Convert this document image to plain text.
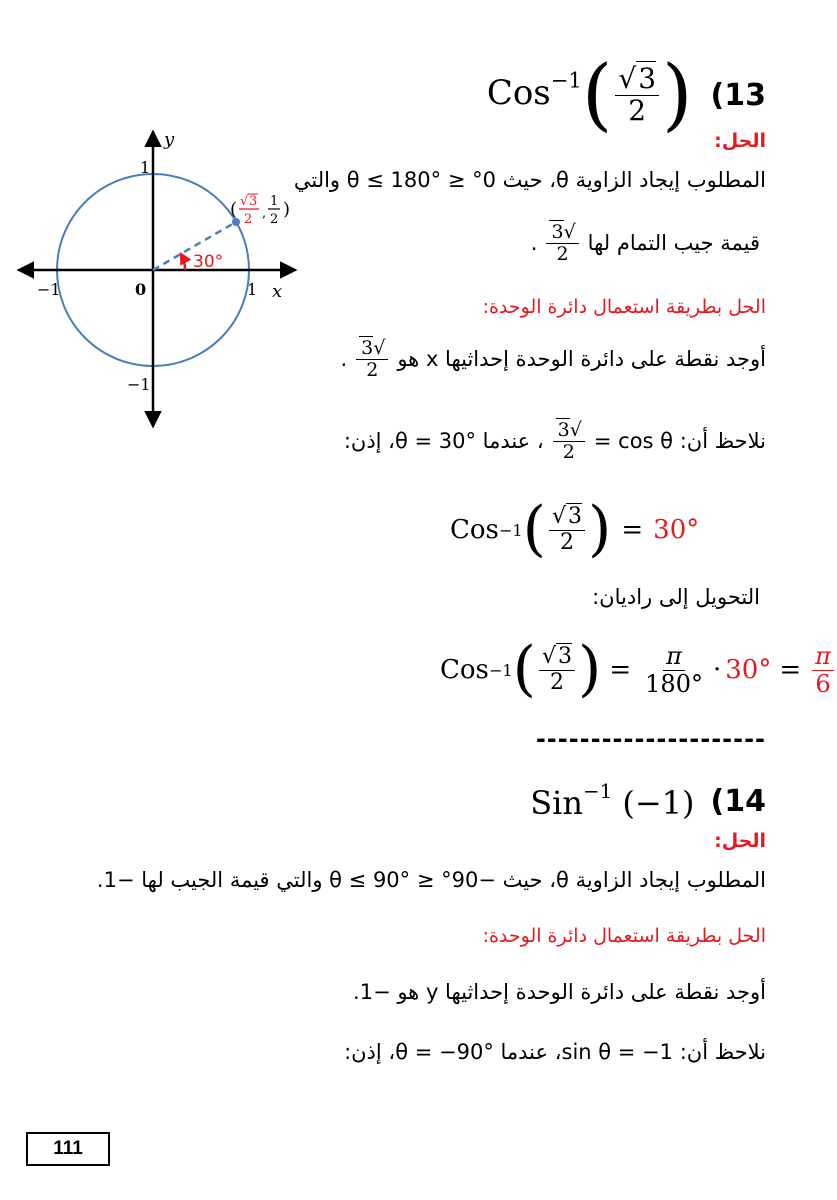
$Cos^{-1}( \frac{√3}{2}$ ) (13
الحل:
المطلوب إيجاد الزاوية θ، حيث 0° ≤ θ ≤ 180° والتي
قيمة جيب التمام لها
$\frac{√3}{2}$
.
الحل بطريقة استعمال دائرة الوحدة:
أوجد نقطة على دائرة الوحدة إحداثيها x هو
$\frac{√3}{2}$
.
نلاحظ أن: cos θ =
$\frac{√3}{2}$
، عندما θ = 30°، إذن:
Cos −1 ( $\frac{√3}{2}$ ) = 30°
التحويل إلى راديان:
Cos −1 ( $\frac{√3}{2}$ ) = $\frac{\pi}{180^\circ} \cdot 30^\circ = \frac{\pi}{6}$
---------------------
Sin$^{-1}$ (−1) (14
الحل:
المطلوب إيجاد الزاوية θ، حيث −90° ≤ θ ≤ 90° والتي قيمة الجيب لها −1.
الحل بطريقة استعمال دائرة الوحدة:
أوجد نقطة على دائرة الوحدة إحداثيها y هو −1.
نلاحظ أن: sin θ = −1، عندما θ = −90°، إذن:
30°
y
x
1
−1
−1	1
0
( √ 3
2 ,
1
2 )
111
